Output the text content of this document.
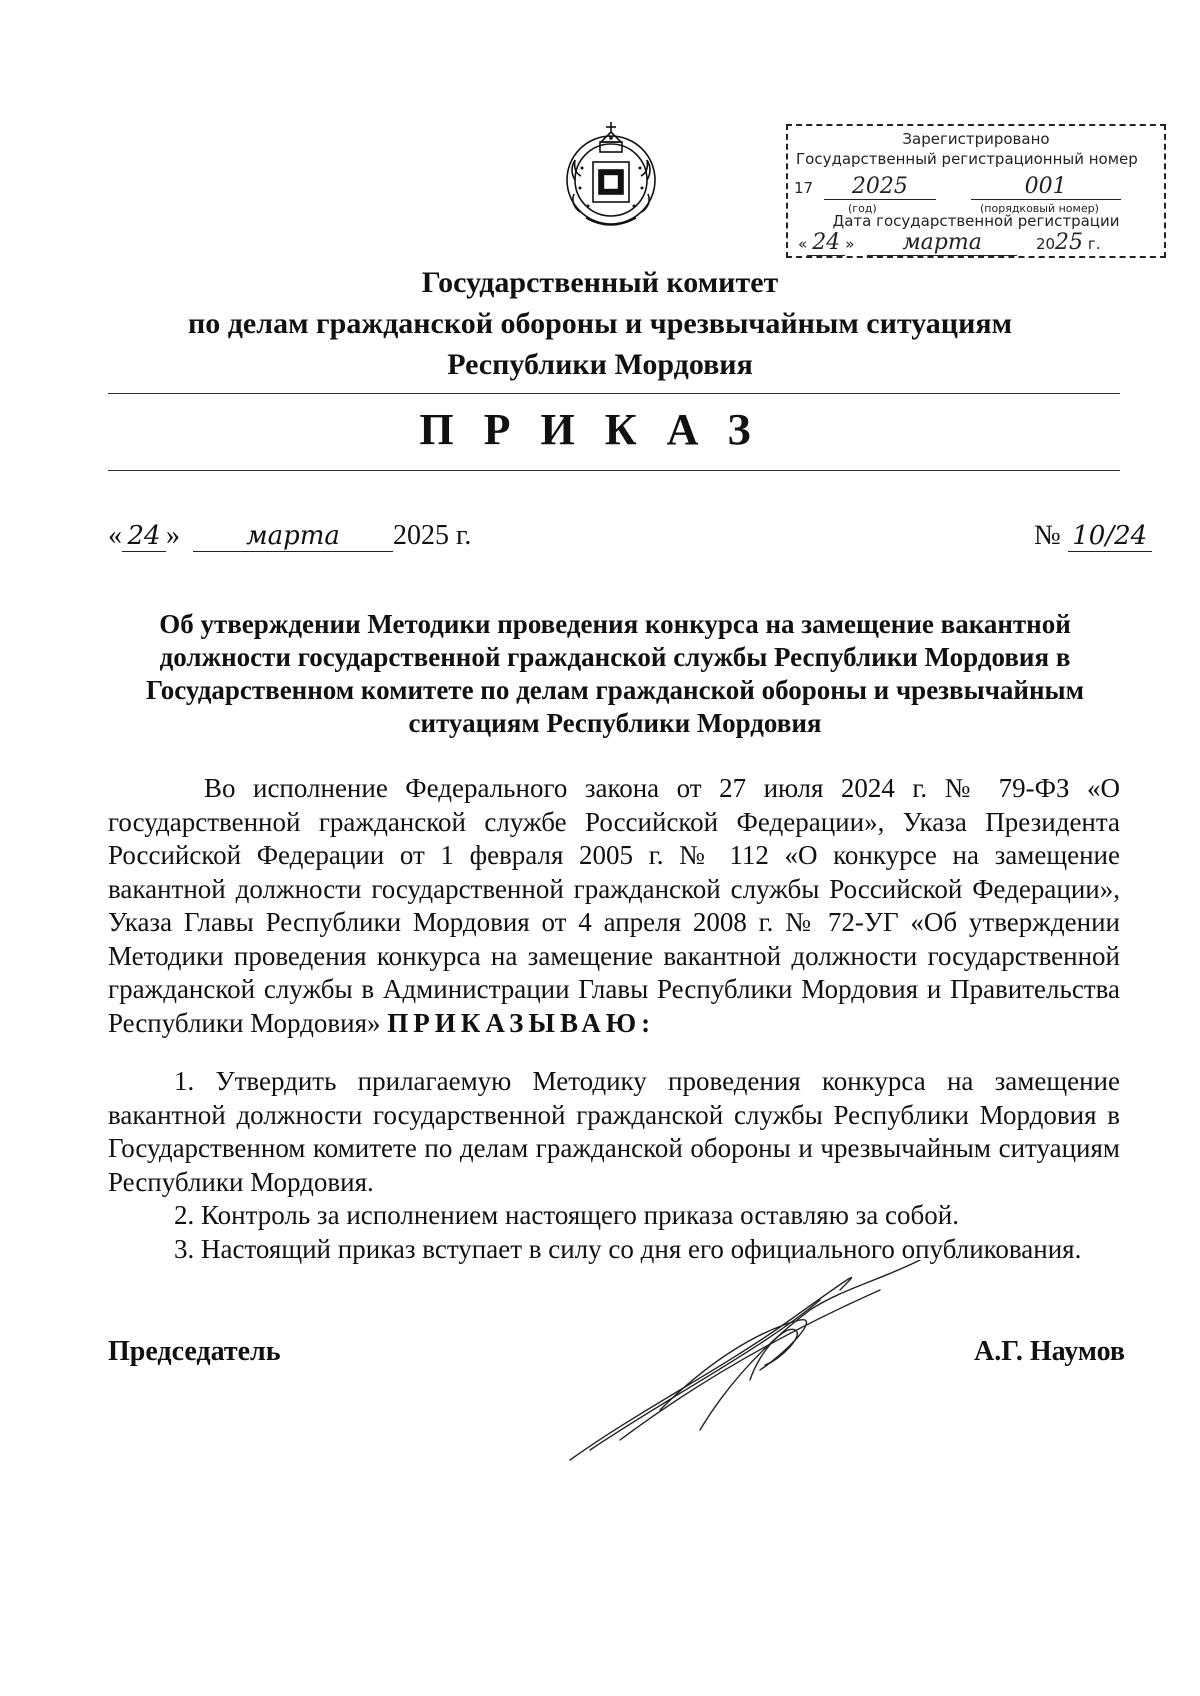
Зарегистрировано
Государственный регистрационный номер
17 2025	001
(год)	(порядковый номер)
Дата государственной регистрации
« 24 » марта	2025 г.
Государственный комитет
по делам гражданской обороны и чрезвычайным ситуациям
Республики Мордовия
ПРИКАЗ
« 24 »	марта 2025 г.	№ 10/24
Об утверждении Методики проведения конкурса на замещение вакантной должности государственной гражданской службы Республики Мордовия в Государственном комитете по делам гражданской обороны и чрезвычайным ситуациям Республики Мордовия
Во исполнение Федерального закона от 27 июля 2024 г. № 79-ФЗ «О государственной гражданской службе Российской Федерации», Указа Президента Российской Федерации от 1 февраля 2005 г. № 112 «О конкурсе на замещение вакантной должности государственной гражданской службы Российской Федерации», Указа Главы Республики Мордовия от 4 апреля 2008 г. № 72-УГ «Об утверждении Методики проведения конкурса на замещение вакантной должности государственной гражданской службы в Администрации Главы Республики Мордовия и Правительства Республики Мордовия» ПРИКАЗЫВАЮ:

1. Утвердить прилагаемую Методику проведения конкурса на замещение вакантной должности государственной гражданской службы Республики Мордовия в Государственном комитете по делам гражданской обороны и чрезвычайным ситуациям Республики Мордовия.

2. Контроль за исполнением настоящего приказа оставляю за собой.

3. Настоящий приказ вступает в силу со дня его официального опубликования.

Председатель	А.Г. Наумов
